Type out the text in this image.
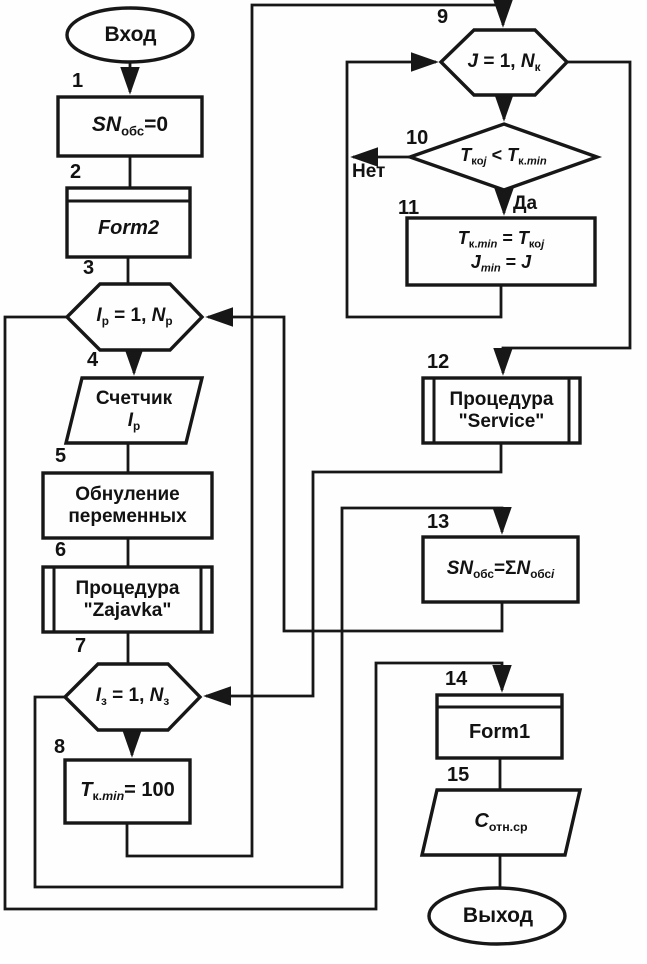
Вход
Выход
1
2
3
4
5
6
7
8
9
10
11
12
13
14
15
$SN_{обс}=0$
Form2
$I_р = 1$, $N_р$
Счетчик
$I_р$
Обнуление
переменных
Процедура
"Zajavka"
$I_з = 1$, $N_з$
$T_{к.min}= 100$
J = 1, $N_к$
$T_{коj} < T_{к.min}$
Нет
Да
$T_{к.min} = T_{коj}$
$J_{min} = J$
Процедура
"Service"
$SN_{обс}=\Sigma N_{обсi}$
Form1
$C_{отн.ср}$
